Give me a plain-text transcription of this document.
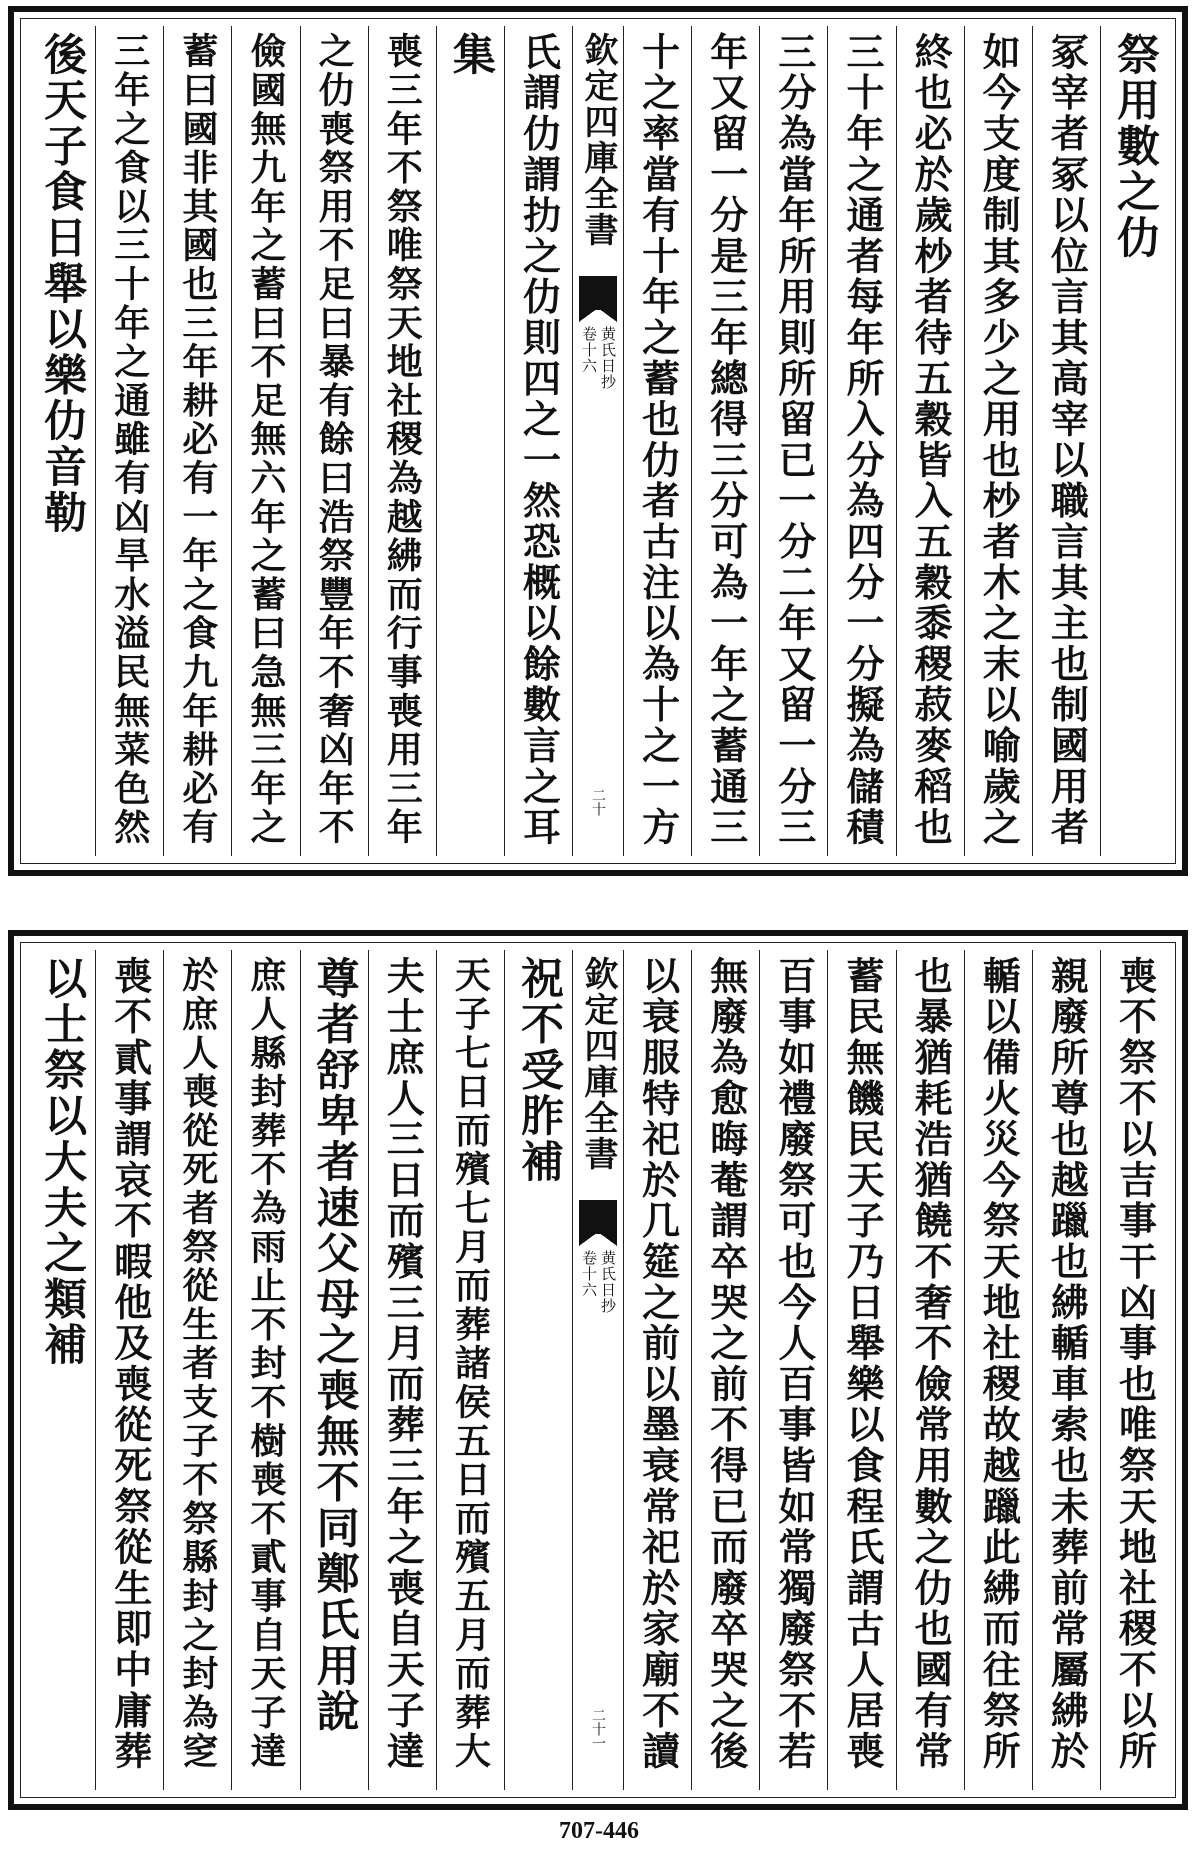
祭用數之仂
冢宰者冢以位言其高宰以職言其主也制國用者
如今支度制其多少之用也杪者木之末以喻歲之
終也必於歲杪者待五穀皆入五穀黍稷菽麥稻也
三十年之通者每年所入分為四分一分擬為儲積
三分為當年所用則所留已一分二年又留一分三
年又留一分是三年總得三分可為一年之蓄通三
十之率當有十年之蓄也仂者古注以為十之一方
欽定四庫全書
黄氏日抄
卷十六
二十
氏謂仂謂扐之仂則四之一然恐概以餘數言之耳
集
喪三年不祭唯祭天地社稷為越紼而行事喪用三年
之仂喪祭用不足曰暴有餘曰浩祭豐年不奢凶年不
儉國無九年之蓄曰不足無六年之蓄曰急無三年之
蓄曰國非其國也三年耕必有一年之食九年耕必有
三年之食以三十年之通雖有凶旱水溢民無菜色然
後天子食日舉以樂仂音勒
喪不祭不以吉事干凶事也唯祭天地社稷不以所
親廢所尊也越躐也紼輴車索也未葬前常屬紼於
輴以備火災今祭天地社稷故越躐此紼而往祭所
也暴猶耗浩猶饒不奢不儉常用數之仂也國有常
蓄民無饑民天子乃日舉樂以食程氏謂古人居喪
百事如禮廢祭可也今人百事皆如常獨廢祭不若
無廢為愈晦菴謂卒哭之前不得已而廢卒哭之後
以衰服特祀於几筵之前以墨衰常祀於家廟不讀
欽定四庫全書
黄氏日抄
卷十六
二十一
祝不受胙補
天子七日而殯七月而葬諸侯五日而殯五月而葬大
夫士庶人三日而殯三月而葬三年之喪自天子達
尊者舒卑者速父母之喪無不同鄭氏用說
庶人縣封葬不為雨止不封不樹喪不貳事自天子達
於庶人喪從死者祭從生者支子不祭縣封之封為窆
喪不貳事謂哀不暇他及喪從死祭從生即中庸葬
以士祭以大夫之類補
707-446
